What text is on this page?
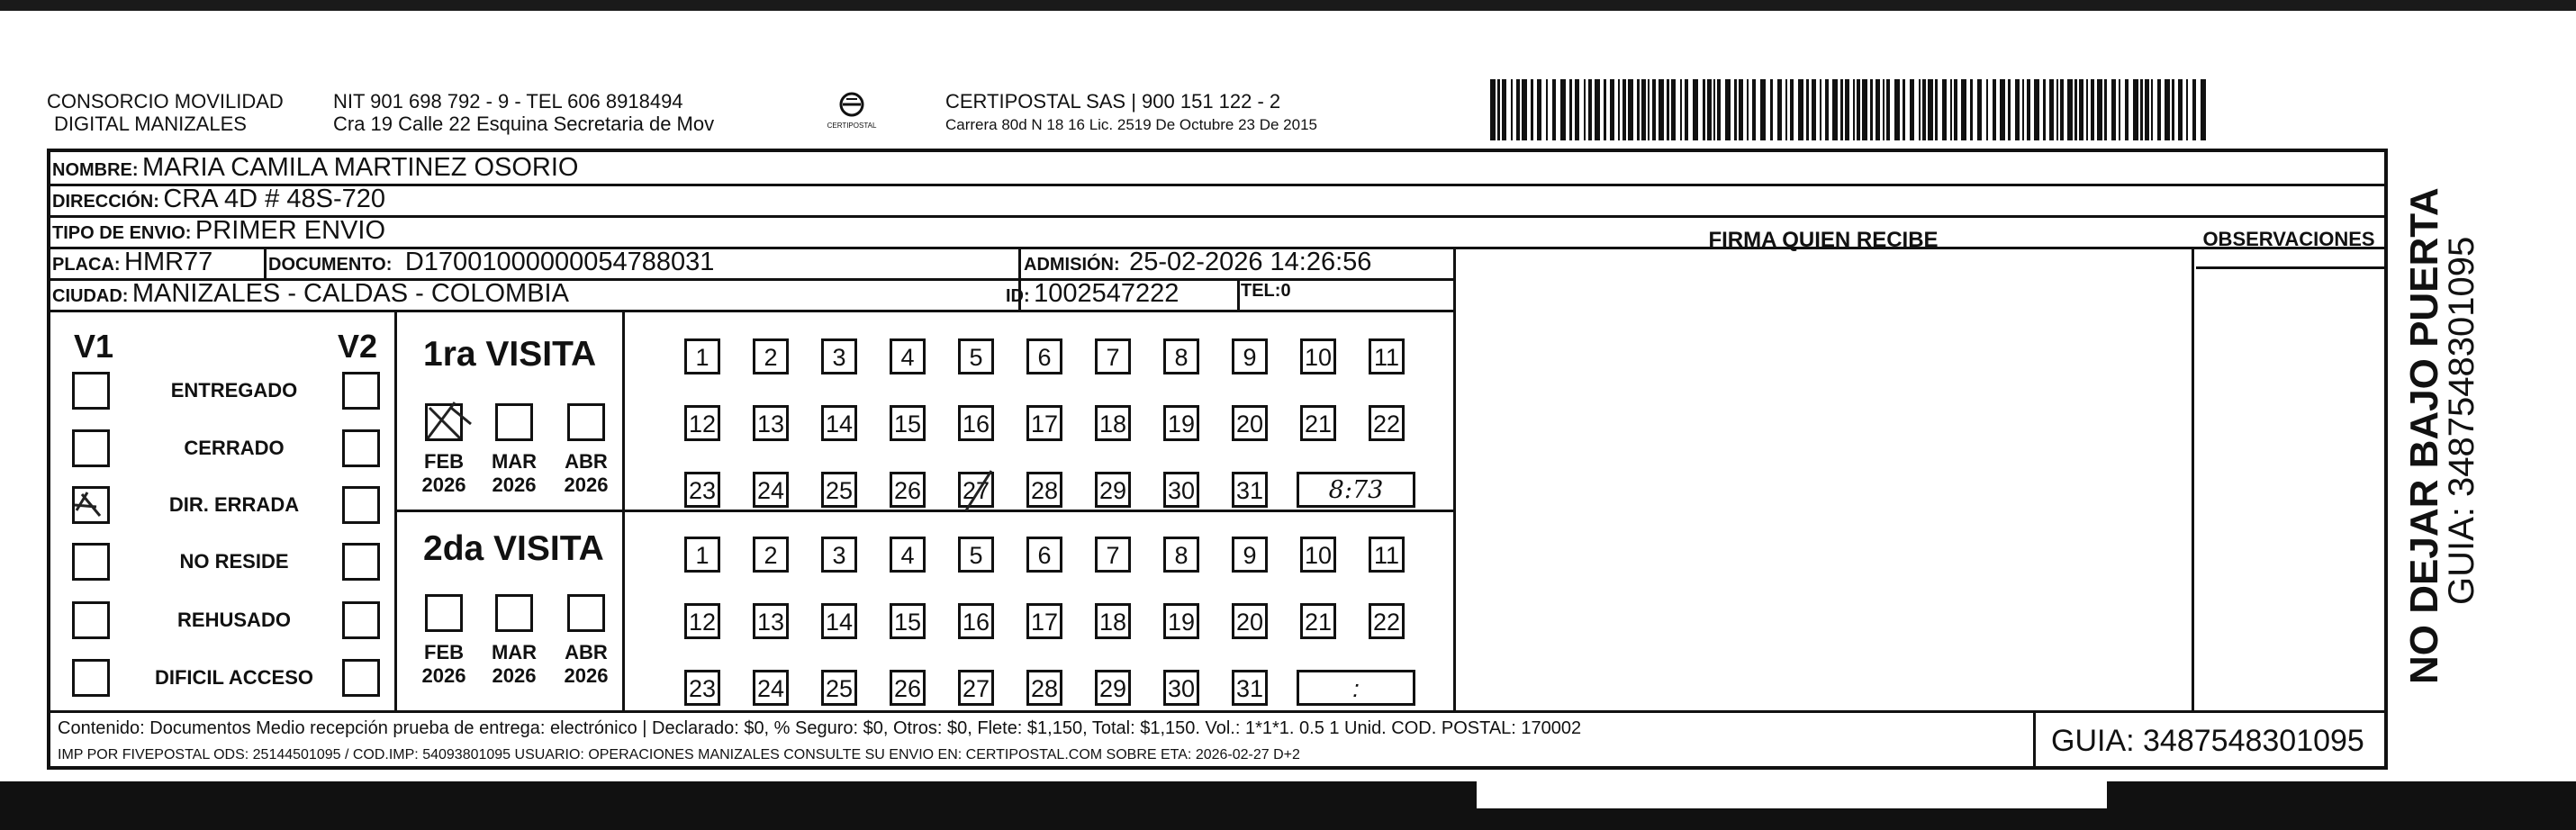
CONSORCIO MOVILIDAD
DIGITAL MANIZALES
NIT 901 698 792 - 9 - TEL 606 8918494
Cra 19 Calle 22 Esquina Secretaria de Mov	CERTIPOSTAL
CERTIPOSTAL SAS | 900 151 122 - 2
Carrera 80d N 18 16 Lic. 2519 De Octubre 23 De 2015
NOMBRE: MARIA CAMILA MARTINEZ OSORIO
DIRECCIÓN: CRA 4D # 48S-720
TIPO DE ENVIO: PRIMER ENVIO	FIRMA QUIEN RECIBE	OBSERVACIONES
PLACA: HMR77	DOCUMENTO: D17001000000054788031	ADMISIÓN: 25-02-2026 14:26:56
CIUDAD: MANIZALES - CALDAS - COLOMBIA	ID: 1002547222	TEL:0
V1	V2
ENTREGADO
CERRADO
DIR. ERRADA
NO RESIDE
REHUSADO
DIFICIL ACCESO
1ra VISITA
FEB
2026
MAR
2026
ABR
2026
1	2	3	4	5	6	7	8	9	10 11
12 13 14 15 16 17 18 19 20 21 22
23 24 25 26 27 28 29 30 31	8:73
2da VISITA
FEB
2026
MAR
2026
ABR
2026
1	2	3	4	5	6	7	8	9	10 11
12 13 14 15 16 17 18 19 20 21 22
23 24 25 26 27 28 29 30 31	:
Contenido: Documentos Medio recepción prueba de entrega: electrónico | Declarado: $0, % Seguro: $0, Otros: $0, Flete: $1,150, Total: $1,150. Vol.: 1*1*1. 0.5 1 Unid. COD. POSTAL: 170002
IMP POR FIVEPOSTAL ODS: 25144501095 / COD.IMP: 54093801095 USUARIO: OPERACIONES MANIZALES CONSULTE SU ENVIO EN: CERTIPOSTAL.COM SOBRE ETA: 2026-02-27 D+2	GUIA: 3487548301095
NO DEJAR BAJO PUERTA
GUIA: 3487548301095
